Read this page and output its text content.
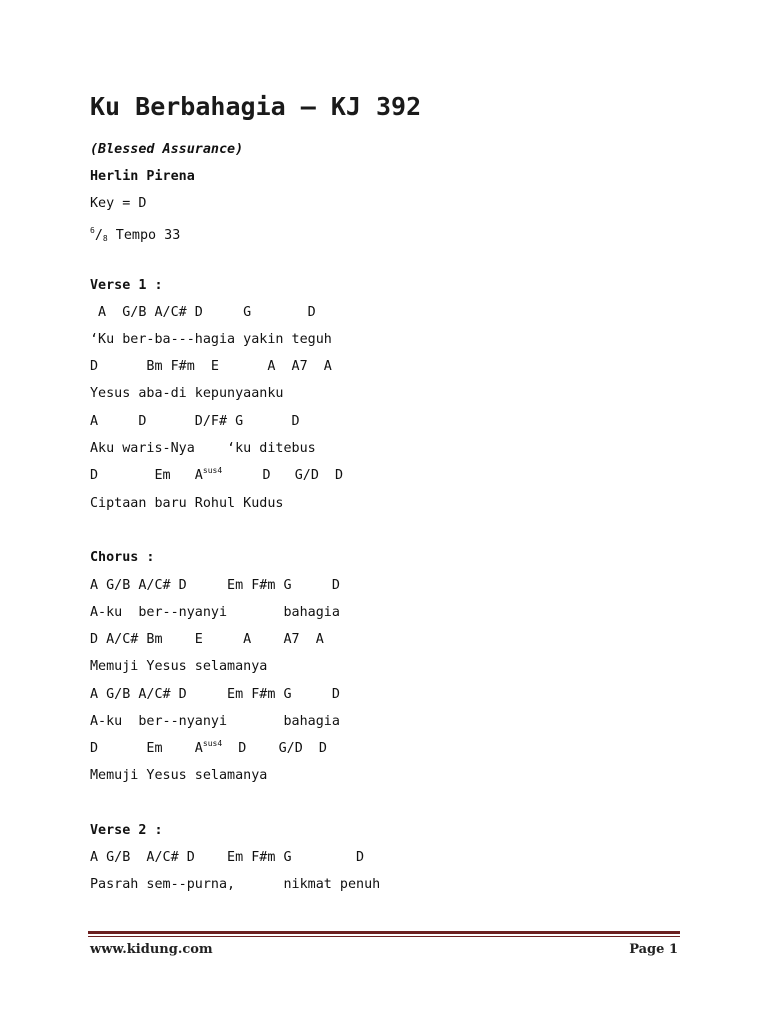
Ku Berbahagia – KJ 392
(Blessed Assurance)
Herlin Pirena
Key = D
$^6$/8 Tempo 33
Verse 1 :
A  G/B A/C# D     G       D
‘Ku ber-ba---hagia yakin teguh
D      Bm F#m  E      A  A7  A
Yesus aba-di kepunyaanku
A     D      D/F# G      D
Aku waris-Nya    ‘ku ditebus
D       Em   $A^{sus4}$     D   G/D  D
Ciptaan baru Rohul Kudus
Chorus :
A G/B A/C# D     Em F#m G     D
A-ku  ber--nyanyi       bahagia
D A/C# Bm    E     A    A7  A
Memuji Yesus selamanya
A G/B A/C# D     Em F#m G     D
A-ku  ber--nyanyi       bahagia
D      Em    $A^{sus4}$  D    G/D  D
Memuji Yesus selamanya
Verse 2 :
A G/B  A/C# D    Em F#m G        D
Pasrah sem--purna,      nikmat penuh
www.kidung.com	Page 1
